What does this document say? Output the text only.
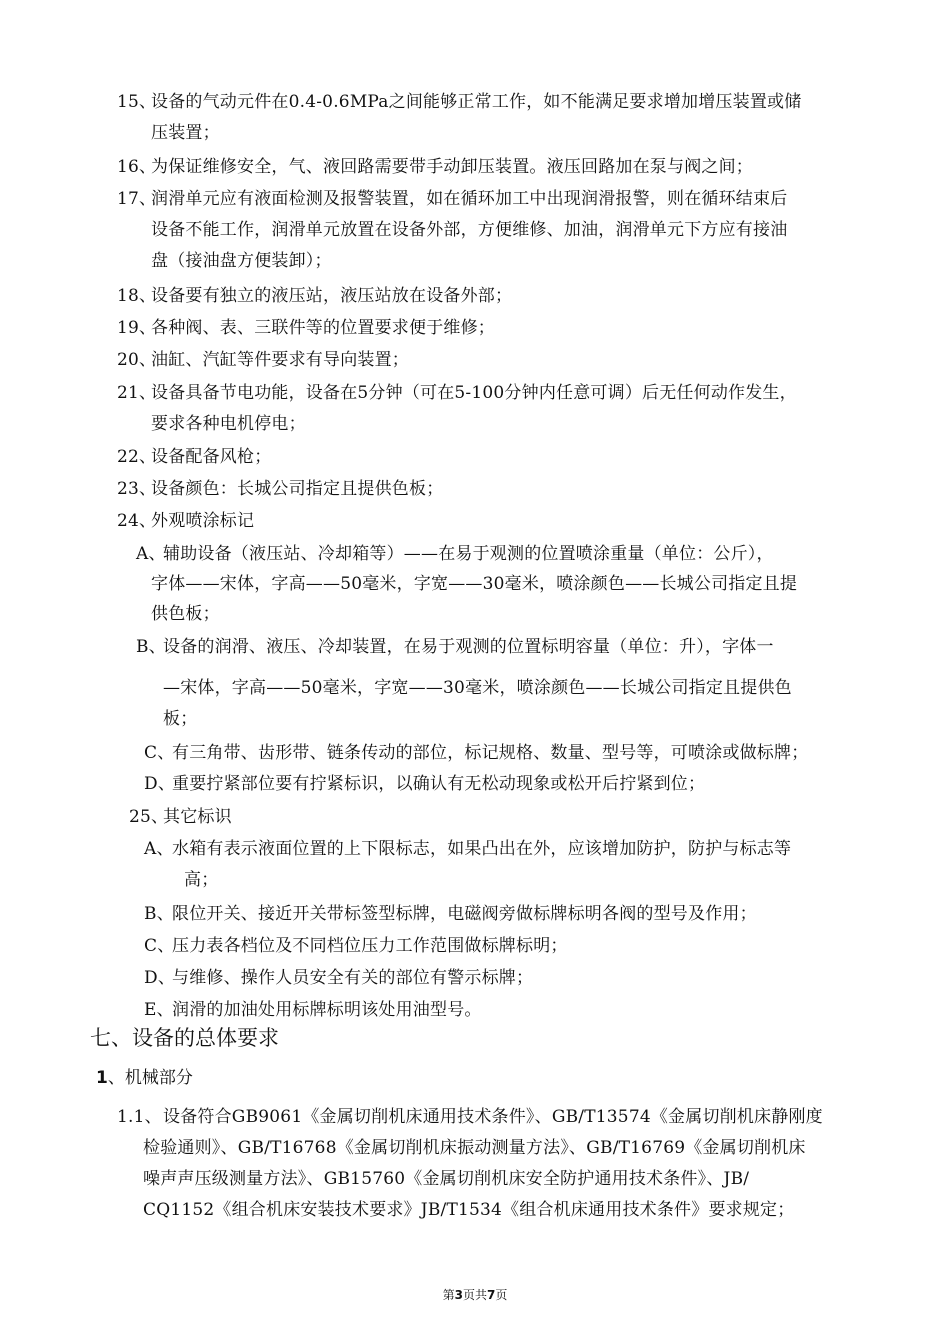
15、
设备的气动元件在0.4-0.6MPa之间能够正常工作，如不能满足要求增加增压装置或储
压装置；
16、
为保证维修安全，气、液回路需要带手动卸压装置。液压回路加在泵与阀之间；
17、
润滑单元应有液面检测及报警装置，如在循环加工中出现润滑报警，则在循环结束后
设备不能工作，润滑单元放置在设备外部，方便维修、加油，润滑单元下方应有接油
盘（接油盘方便装卸）；
18、
设备要有独立的液压站，液压站放在设备外部；
19、
各种阀、表、三联件等的位置要求便于维修；
20、
油缸、汽缸等件要求有导向装置；
21、
设备具备节电功能，设备在5分钟（可在5-100分钟内任意可调）后无任何动作发生，
要求各种电机停电；
22、
设备配备风枪；
23、
设备颜色：长城公司指定且提供色板；
24、
外观喷涂标记
A、
辅助设备（液压站、冷却箱等）——在易于观测的位置喷涂重量（单位：公斤），
字体——宋体，字高——50毫米，字宽——30毫米，喷涂颜色——长城公司指定且提
供色板；
B、
设备的润滑、液压、冷却装置，在易于观测的位置标明容量（单位：升），字体一
—宋体，字高——50毫米，字宽——30毫米，喷涂颜色——长城公司指定且提供色
板；
C、
有三角带、齿形带、链条传动的部位，标记规格、数量、型号等，可喷涂或做标牌；
D、
重要拧紧部位要有拧紧标识，以确认有无松动现象或松开后拧紧到位；
25、
其它标识
A、
水箱有表示液面位置的上下限标志，如果凸出在外，应该增加防护，防护与标志等
高；
B、
限位开关、接近开关带标签型标牌，电磁阀旁做标牌标明各阀的型号及作用；
C、
压力表各档位及不同档位压力工作范围做标牌标明；
D、
与维修、操作人员安全有关的部位有警示标牌；
E、
润滑的加油处用标牌标明该处用油型号。
七、设备的总体要求
1、机械部分
1.1、 设备符合GB9061《金属切削机床通用技术条件》、GB/T13574《金属切削机床静刚度
检验通则》、GB/T16768《金属切削机床振动测量方法》、GB/T16769《金属切削机床
噪声声压级测量方法》、GB15760《金属切削机床安全防护通用技术条件》、JB/
CQ1152《组合机床安装技术要求》JB/T1534《组合机床通用技术条件》要求规定；
第3页共7页
